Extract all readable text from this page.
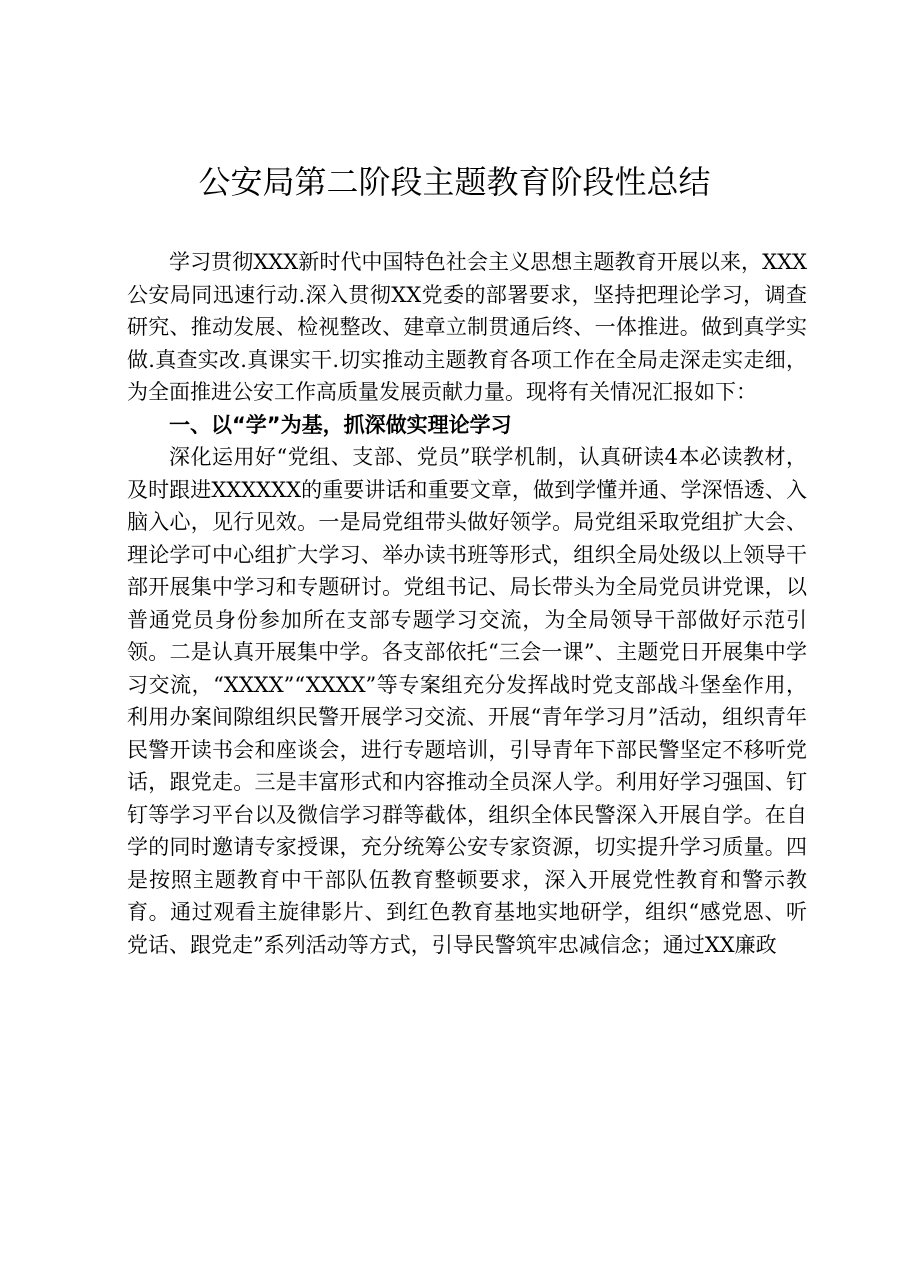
公安局第二阶段主题教育阶段性总结

学习贯彻XXX新时代中国特色社会主义思想主题教育开展以来，XXX公安局同迅速行动.深入贯彻XX党委的部署要求，坚持把理论学习，调查研究、推动发展、检视整改、建章立制贯通后终、一体推进。做到真学实做.真查实改.真课实干.切实推动主题教育各项工作在全局走深走实走细，为全面推进公安工作高质量发展贡献力量。现将有关情况汇报如下：

一、以“学”为基，抓深做实理论学习

深化运用好“党组、支部、党员”联学机制，认真研读4本必读教材，及时跟进XXXXXX的重要讲话和重要文章，做到学懂并通、学深悟透、入脑入心，见行见效。一是局党组带头做好领学。局党组采取党组扩大会、理论学可中心组扩大学习、举办读书班等形式，组织全局处级以上领导干部开展集中学习和专题研讨。党组书记、局长带头为全局党员讲党课，以普通党员身份参加所在支部专题学习交流，为全局领导干部做好示范引领。二是认真开展集中学。各支部依托“三会一课”、主题党日开展集中学习交流，“XXXX”“XXXX”等专案组充分发挥战时党支部战斗堡垒作用，利用办案间隙组织民警开展学习交流、开展“青年学习月”活动，组织青年民警开读书会和座谈会，进行专题培训，引导青年下部民警坚定不移听党话，跟党走。三是丰富形式和内容推动全员深人学。利用好学习强国、钉钉等学习平台以及微信学习群等截体，组织全体民警深入开展自学。在自学的同时邀请专家授课，充分统筹公安专家资源，切实提升学习质量。四是按照主题教育中干部队伍教育整顿要求，深入开展党性教育和警示教育。通过观看主旋律影片、到红色教育基地实地研学，组织“感党恩、听党话、跟党走”系列活动等方式，引导民警筑牢忠减信念；通过XX廉政
